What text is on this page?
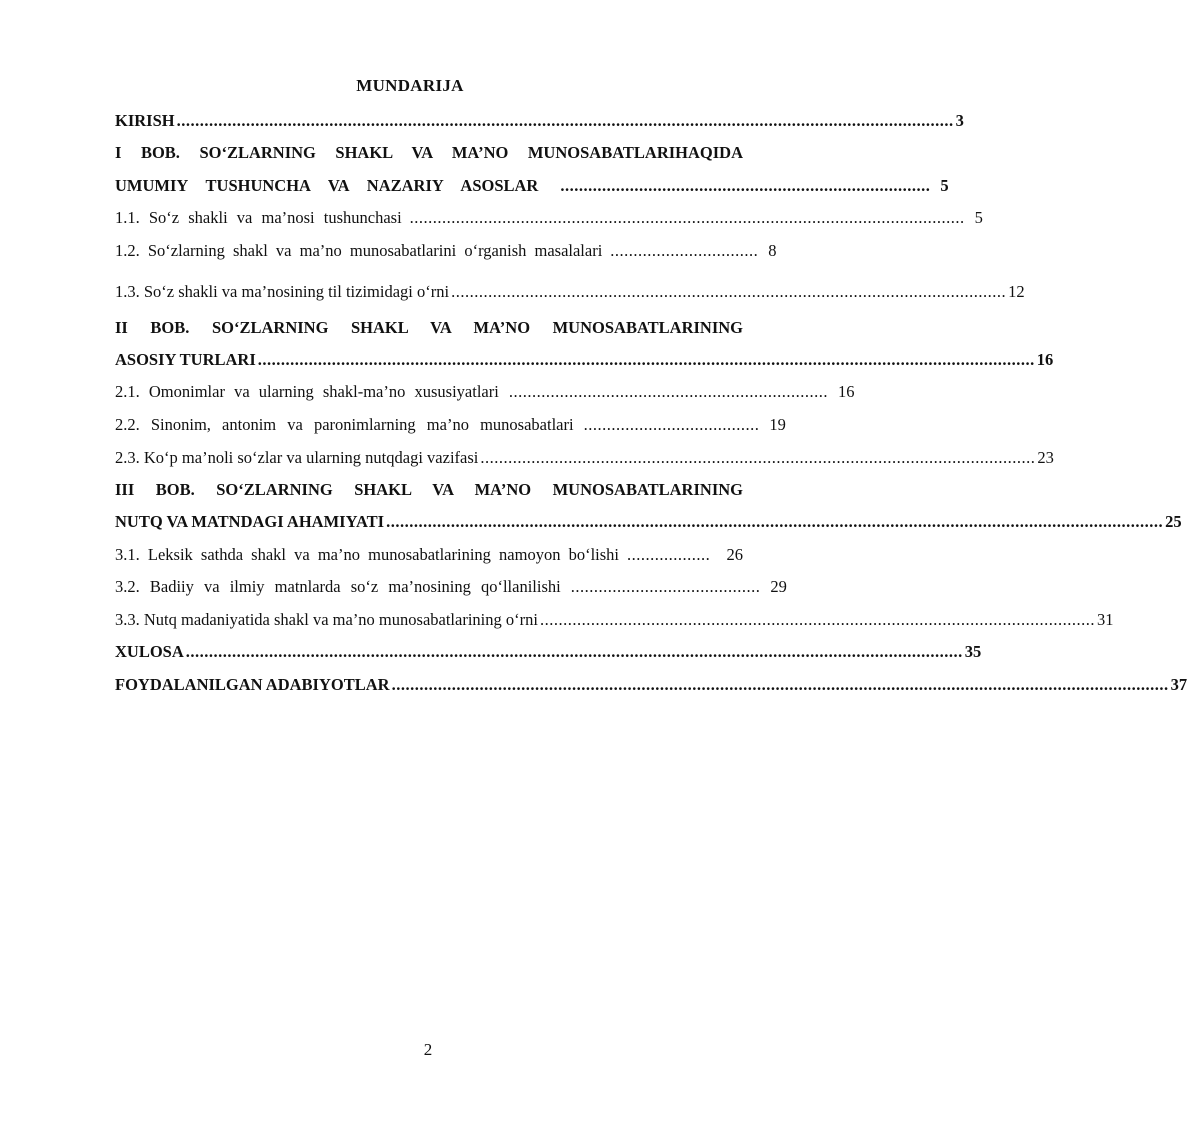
MUNDARIJA
KIRISH ........................................................................................................................................................................ 3
I BOB. SO‘ZLARNING SHAKL VA MA’NO MUNOSABATLARIHAQIDA
UMUMIY TUSHUNCHA VA NAZARIY ASOSLAR ................................................................................ 5
1.1. So‘z shakli va ma’nosi tushunchasi ........................................................................................................................ 5
1.2. So‘zlarning shakl va ma’no munosabatlarini o‘rganish masalalari ................................ 8
1.3. So‘z shakli va ma’nosining til tizimidagi o‘rni ........................................................................................................................ 12
II BOB. SO‘ZLARNING SHAKL VA MA’NO MUNOSABATLARINING
ASOSIY TURLARI ........................................................................................................................................................................ 16
2.1. Omonimlar va ularning shakl-ma’no xususiyatlari ..................................................................... 16
2.2. Sinonim, antonim va paronimlarning ma’no munosabatlari ...................................... 19
2.3. Ko‘p ma’noli so‘zlar va ularning nutqdagi vazifasi ........................................................................................................................ 23
III BOB. SO‘ZLARNING SHAKL VA MA’NO MUNOSABATLARINING
NUTQ VA MATNDAGI AHAMIYATI ........................................................................................................................................................................ 25
3.1. Leksik sathda shakl va ma’no munosabatlarining namoyon bo‘lishi .................. 26
3.2. Badiiy va ilmiy matnlarda so‘z ma’nosining qo‘llanilishi ......................................... 29
3.3. Nutq madaniyatida shakl va ma’no munosabatlarining o‘rni ........................................................................................................................ 31
XULOSA ........................................................................................................................................................................ 35
FOYDALANILGAN ADABIYOTLAR ........................................................................................................................................................................ 37
2
